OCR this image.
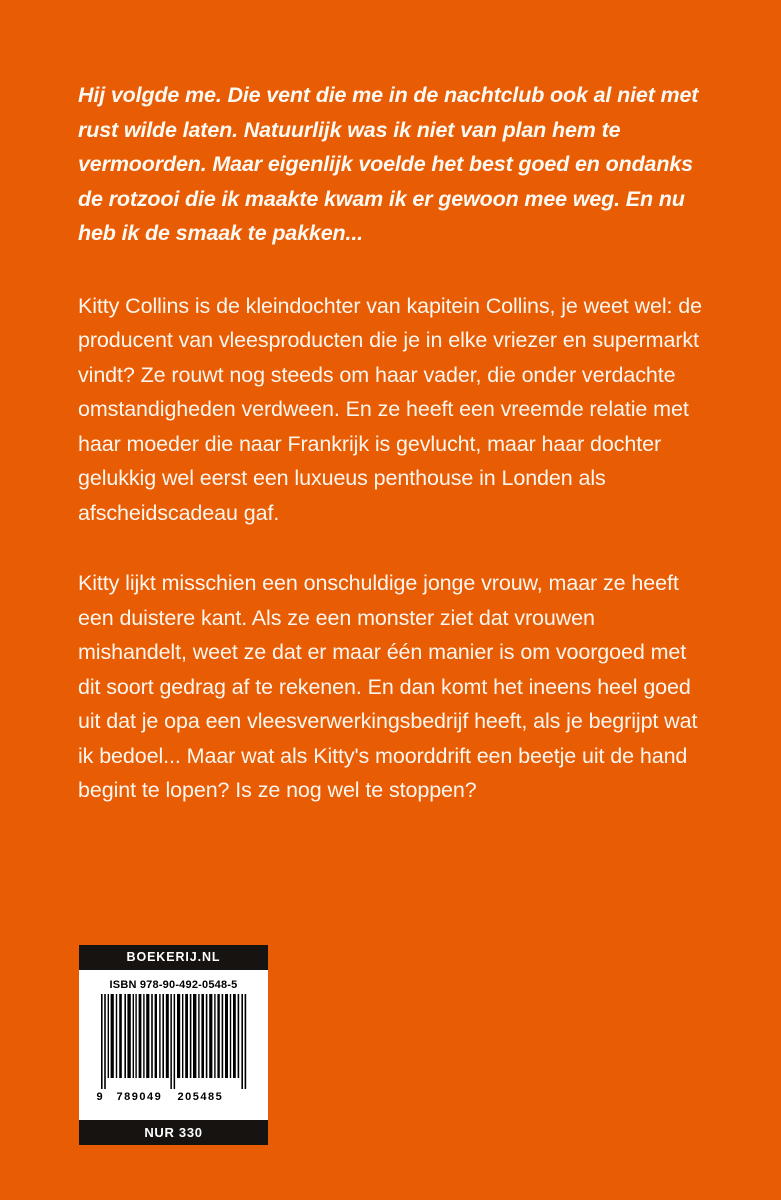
Hij volgde me. Die vent die me in de nachtclub ook al niet met rust wilde laten. Natuurlijk was ik niet van plan hem te vermoorden. Maar eigenlijk voelde het best goed en ondanks de rotzooi die ik maakte kwam ik er gewoon mee weg. En nu heb ik de smaak te pakken...

Kitty Collins is de kleindochter van kapitein Collins, je weet wel: de producent van vleesproducten die je in elke vriezer en supermarkt vindt? Ze rouwt nog steeds om haar vader, die onder verdachte omstandigheden verdween. En ze heeft een vreemde relatie met haar moeder die naar Frankrijk is gevlucht, maar haar dochter gelukkig wel eerst een luxueus penthouse in Londen als afscheidscadeau gaf.

Kitty lijkt misschien een onschuldige jonge vrouw, maar ze heeft een duistere kant. Als ze een monster ziet dat vrouwen mishandelt, weet ze dat er maar één manier is om voorgoed met dit soort gedrag af te rekenen. En dan komt het ineens heel goed uit dat je opa een vleesverwerkingsbedrijf heeft, als je begrijpt wat ik bedoel... Maar wat als Kitty's moorddrift een beetje uit de hand begint te lopen? Is ze nog wel te stoppen?

BOEKERIJ.NL
ISBN 978-90-492-0548-5
9 789049 205485
NUR 330
